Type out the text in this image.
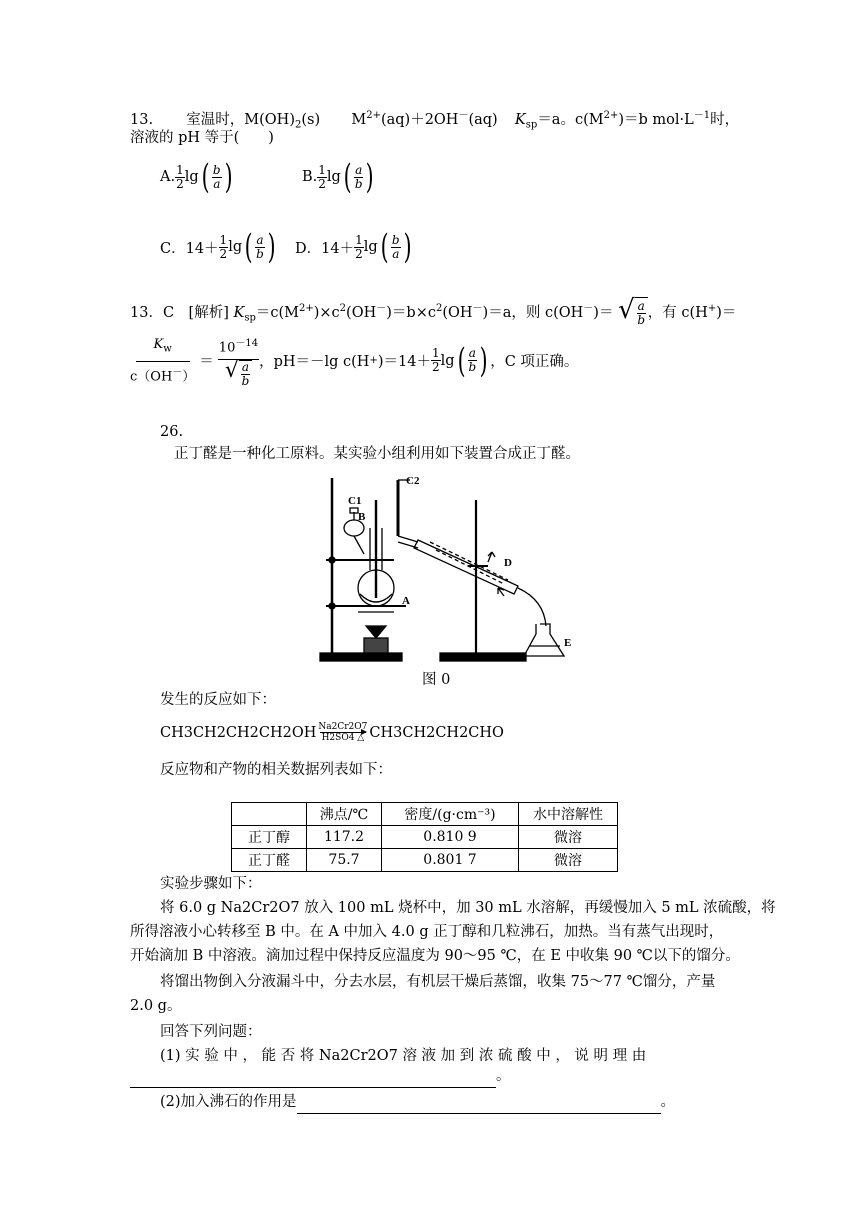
13. 室温时，$M(OH)_2(s)$ $M^{2+}(aq)+2OH^-(aq)$ $K_{sp}=a$。$c(M^{2+})=b$ $mol\cdot L^{-1}$时，
溶液的 pH 等于(　　)
A. $\frac{1}{2}$ lg ( $\frac{b}{a}$ )	B. $\frac{1}{2}$ lg ( $\frac{a}{b}$ )
C．$14+ \frac{1}{2}$ lg ( $\frac{a}{b}$ )
D．$14+ \frac{1}{2}$ lg ( $\frac{b}{a}$ )
13．C　[解析] $K_{sp}=c(M^{2+})\times c^2(OH^-)=b\times c^2(OH^-)=a$，则 c(OH－)＝ √ $\frac{a}{b}$ ，有 c(H+)＝
$\frac{K_w}{c(OH^-)} = \frac{10^{-14}}{√ \frac{a}{b}}$ ，pH＝－lg $c(H + )=14+ \frac{1}{2}$ lg ( $\frac{a}{b}$ ) ，C 项正确。
26.
正丁醛是一种化工原料。某实验小组利用如下装置合成正丁醛。
C1
C2
B
A
D
E
图 0
发生的反应如下：
CH3CH2CH2CH2OH Na2Cr2O7
H2SO4 △ CH3CH2CH2CHO
反应物和产物的相关数据列表如下：
	沸点/℃	密度/(g·cm⁻³)	水中溶解性
正丁醇	117.2	0.810 9	微溶
正丁醛	75.7	0.801 7	微溶
实验步骤如下：
将 6.0 g Na2Cr2O7 放入 100 mL 烧杯中，加 30 mL 水溶解，再缓慢加入 5 mL 浓硫酸，将
所得溶液小心转移至 B 中。在 A 中加入 4.0 g 正丁醇和几粒沸石，加热。当有蒸气出现时，
开始滴加 B 中溶液。滴加过程中保持反应温度为 90～95 ℃，在 E 中收集 90 ℃以下的馏分。
将馏出物倒入分液漏斗中，分去水层，有机层干燥后蒸馏，收集 75～77 ℃馏分，产量
2.0 g。
回答下列问题：
(1) 实 验 中 ， 能 否 将 Na2Cr2O7 溶 液 加 到 浓 硫 酸 中 ， 说 明 理 由
。
(2)加入沸石的作用是	。
